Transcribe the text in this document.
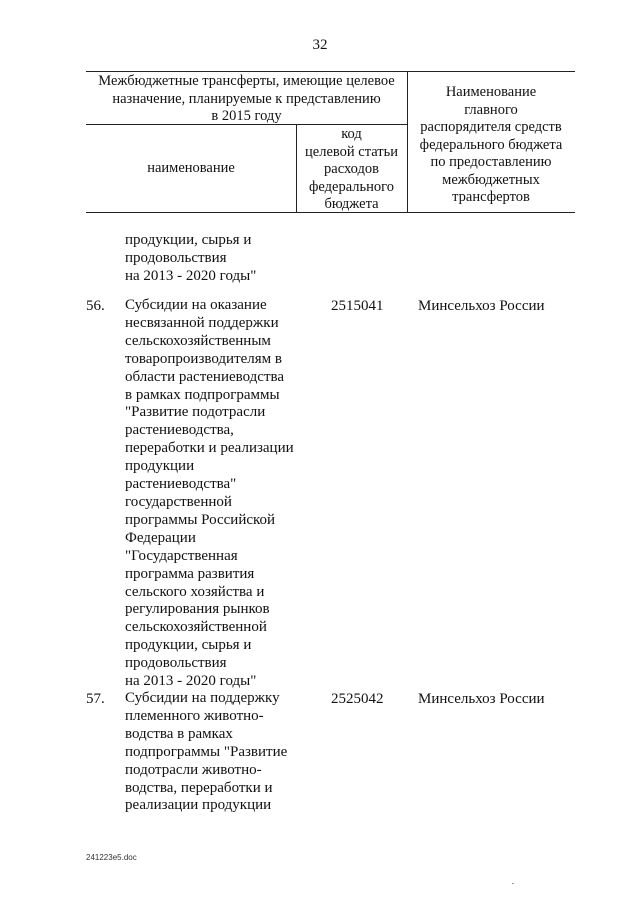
32
Межбюджетные трансферты, имеющие целевое
назначение, планируемые к представлению
в 2015 году
наименование
код
целевой статьи
расходов
федерального
бюджета
Наименование
главного
распорядителя средств
федерального бюджета
по предоставлению
межбюджетных
трансфертов
продукции, сырья и
продовольствия
на 2013 - 2020 годы"
56. Субсидии на оказание
несвязанной поддержки
сельскохозяйственным
товаропроизводителям в
области растениеводства
в рамках подпрограммы
"Развитие подотрасли
растениеводства,
переработки и реализации
продукции
растениеводства"
государственной
программы Российской
Федерации
"Государственная
программа развития
сельского хозяйства и
регулирования рынков
сельскохозяйственной
продукции, сырья и
продовольствия
на 2013 - 2020 годы"
2515041 Минсельхоз России
57. Субсидии на поддержку
племенного животно-
водства в рамках
подпрограммы "Развитие
подотрасли животно-
водства, переработки и
реализации продукции
2525042 Минсельхоз России
241223е5.doc
